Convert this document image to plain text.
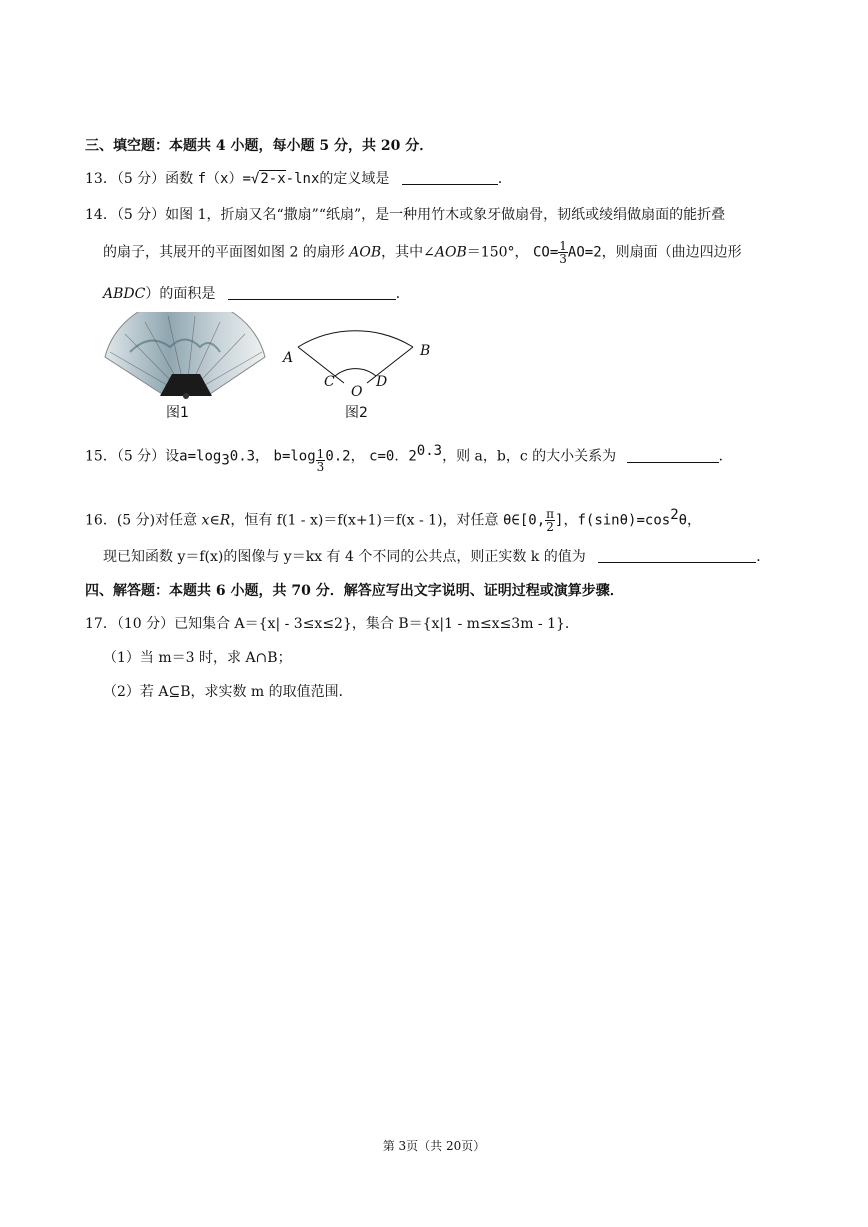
三、填空题：本题共 4 小题，每小题 5 分，共 20 分．
13．（5 分）函数 f（x）=√2-x-lnx的定义域是	．
14．（5 分）如图 1，折扇又名“撒扇”“纸扇”，是一种用竹木或象牙做扇骨，韧纸或绫绢做扇面的能折叠
的扇子，其展开的平面图如图 2 的扇形 AOB，其中∠AOB＝150°， $CO= \frac{1}{3} AO=2$，则扇面（曲边四边形
ABDC）的面积是	．
A	B
C	D
O
图1	图2
15．（5 分）设$a=\log_30.3$， $b=\log \frac{1}{3} 0.2$， c=0．$2^{0.3}$，则 a，b，c 的大小关系为	．
16．(5 分)对任意 x∈R，恒有 f(1 - x)＝f(x+1)＝f(x - 1)，对任意 θ∈[0, $\frac{\pi}{2}$ ]，$f(\sin\theta)=\cos^2\theta$，
现已知函数 y＝f(x)的图像与 y＝kx 有 4 个不同的公共点，则正实数 k 的值为	．
四、解答题：本题共 6 小题，共 70 分．解答应写出文字说明、证明过程或演算步骤．
17．（10 分）已知集合 A＝{x| - 3≤x≤2}，集合 B＝{x|1 - m≤x≤3m - 1}．
（1）当 m＝3 时，求 A∩B；
（2）若 A⊆B，求实数 m 的取值范围．
第 3页（共 20页）
